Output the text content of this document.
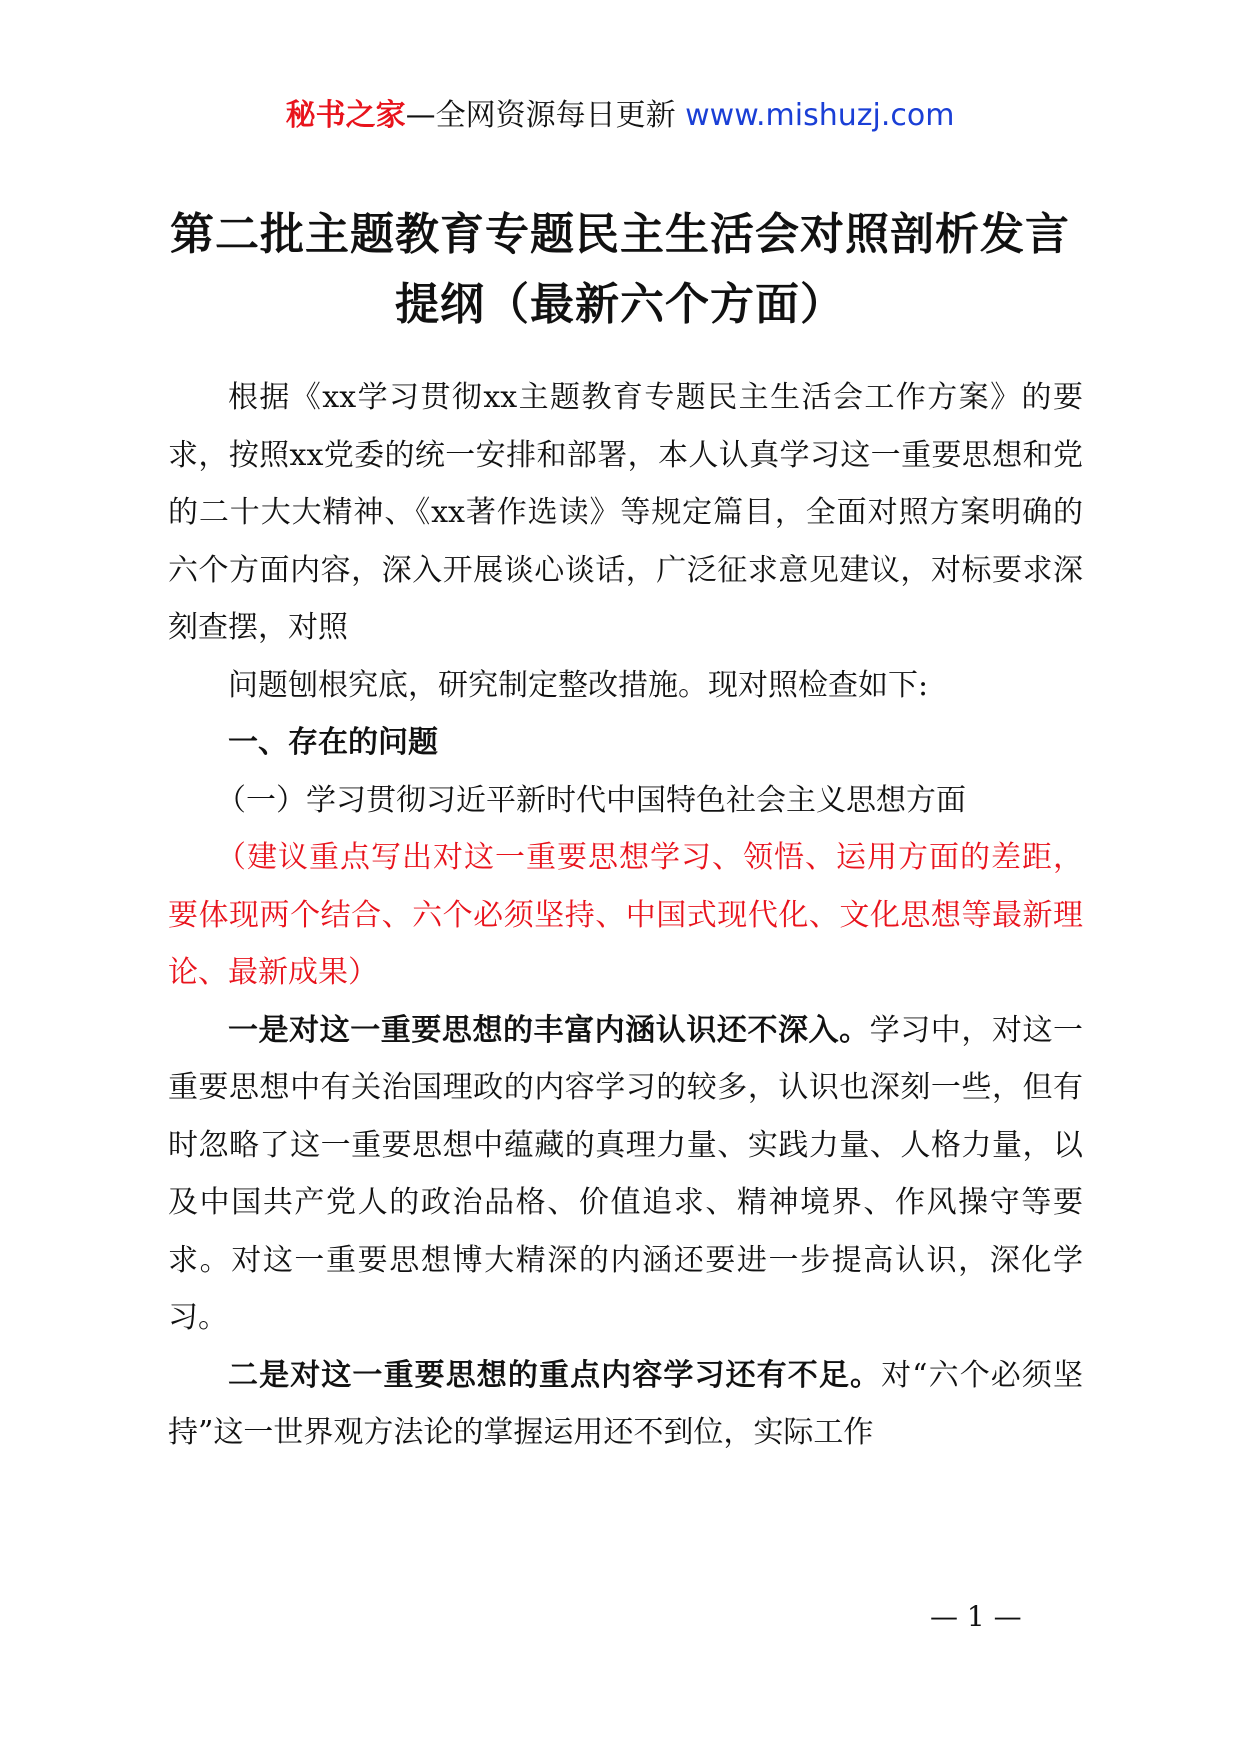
秘书之家—全网资源每日更新 www.mishuzj.com
第二批主题教育专题民主生活会对照剖析发言
提纲（最新六个方面）

根据《xx学习贯彻xx主题教育专题民主生活会工作方案》的要求，按照xx党委的统一安排和部署，本人认真学习这一重要思想和党的二十大大精神、《xx著作选读》等规定篇目，全面对照方案明确的六个方面内容，深入开展谈心谈话，广泛征求意见建议，对标要求深刻查摆，对照

问题刨根究底，研究制定整改措施。现对照检查如下:

一、存在的问题

（一）学习贯彻习近平新时代中国特色社会主义思想方面

（建议重点写出对这一重要思想学习、领悟、运用方面的差距，要体现两个结合、六个必须坚持、中国式现代化、文化思想等最新理论、最新成果）

一是对这一重要思想的丰富内涵认识还不深入。学习中，对这一重要思想中有关治国理政的内容学习的较多，认识也深刻一些，但有时忽略了这一重要思想中蕴藏的真理力量、实践力量、人格力量，以及中国共产党人的政治品格、价值追求、精神境界、作风操守等要求。对这一重要思想博大精深的内涵还要进一步提高认识，深化学习。

二是对这一重要思想的重点内容学习还有不足。对“六个必须坚持”这一世界观方法论的掌握运用还不到位，实际工作

— 1 —
